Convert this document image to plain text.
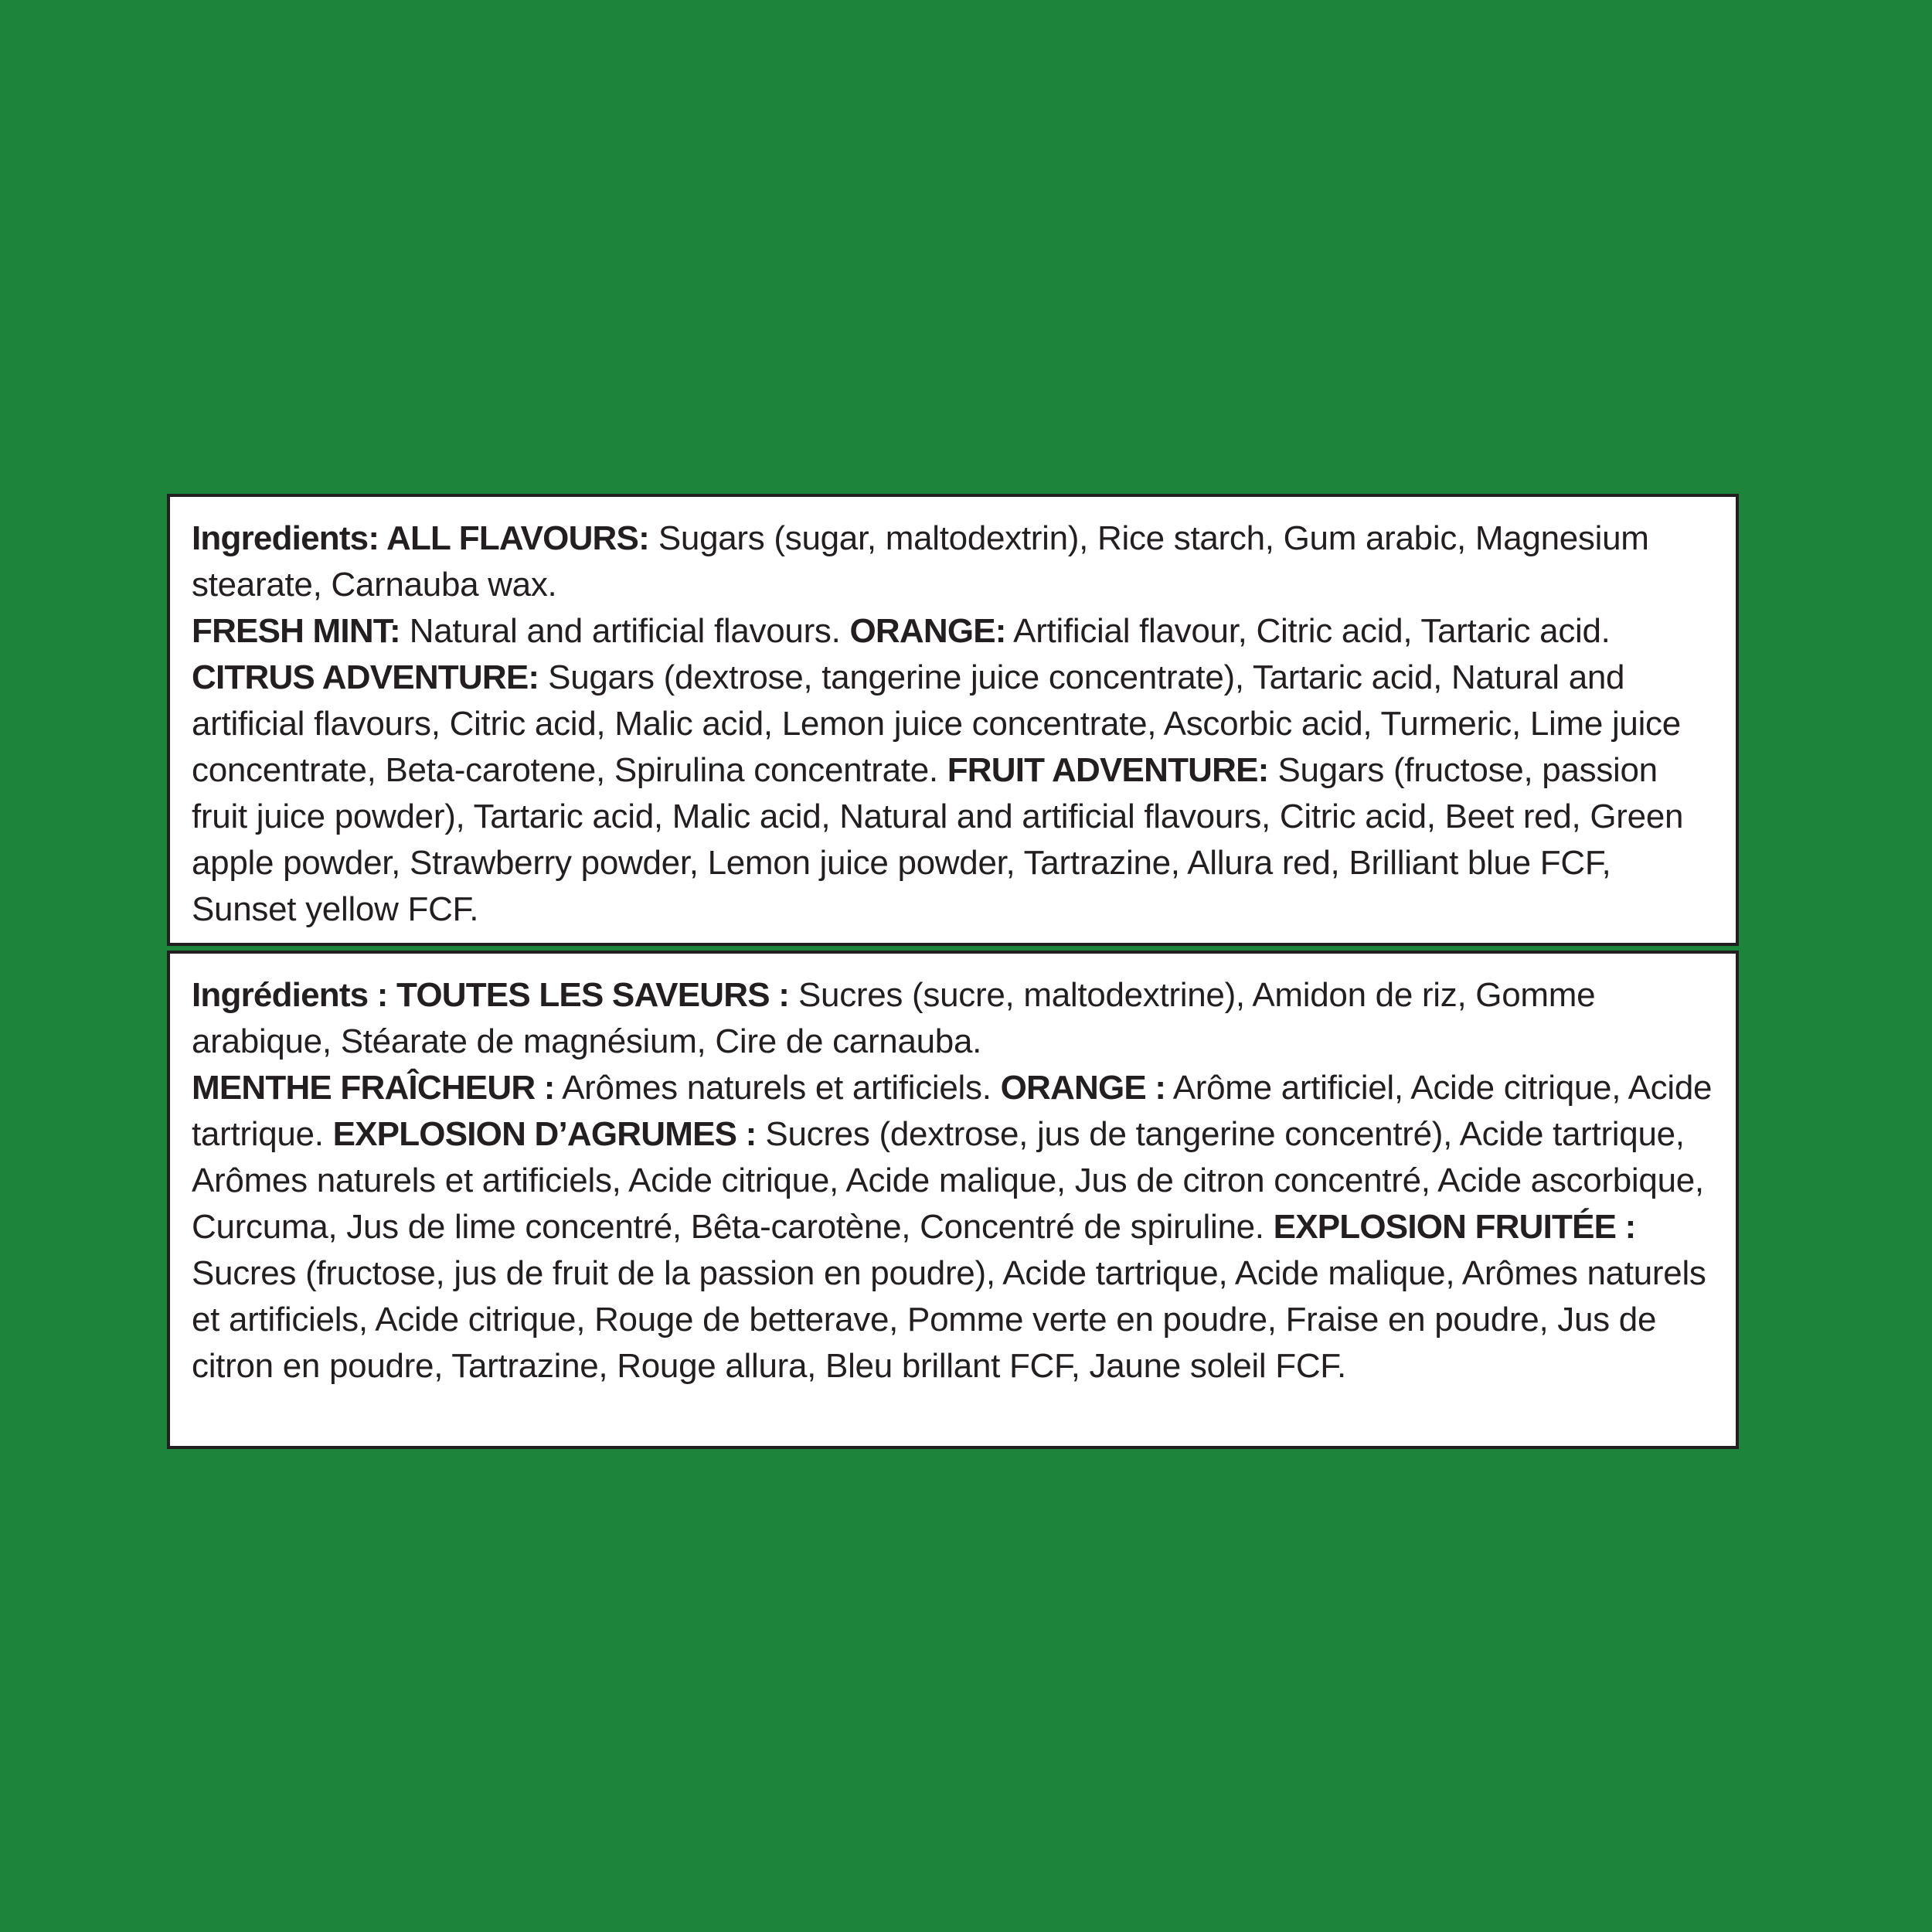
Ingredients: ALL FLAVOURS: Sugars (sugar, maltodextrin), Rice starch, Gum arabic, Magnesium stearate, Carnauba wax.

FRESH MINT: Natural and artificial flavours. ORANGE: Artificial flavour, Citric acid, Tartaric acid. CITRUS ADVENTURE: Sugars (dextrose, tangerine juice concentrate), Tartaric acid, Natural and artificial flavours, Citric acid, Malic acid, Lemon juice concentrate, Ascorbic acid, Turmeric, Lime juice concentrate, Beta-carotene, Spirulina concentrate. FRUIT ADVENTURE: Sugars (fructose, passion fruit juice powder), Tartaric acid, Malic acid, Natural and artificial flavours, Citric acid, Beet red, Green apple powder, Strawberry powder, Lemon juice powder, Tartrazine, Allura red, Brilliant blue FCF, Sunset yellow FCF.

Ingrédients : TOUTES LES SAVEURS : Sucres (sucre, maltodextrine), Amidon de riz, Gomme arabique, Stéarate de magnésium, Cire de carnauba.

MENTHE FRAÎCHEUR : Arômes naturels et artificiels. ORANGE : Arôme artificiel, Acide citrique, Acide tartrique. EXPLOSION D’AGRUMES : Sucres (dextrose, jus de tangerine concentré), Acide tartrique, Arômes naturels et artificiels, Acide citrique, Acide malique, Jus de citron concentré, Acide ascorbique, Curcuma, Jus de lime concentré, Bêta-carotène, Concentré de spiruline. EXPLOSION FRUITÉE : Sucres (fructose, jus de fruit de la passion en poudre), Acide tartrique, Acide malique, Arômes naturels et artificiels, Acide citrique, Rouge de betterave, Pomme verte en poudre, Fraise en poudre, Jus de citron en poudre, Tartrazine, Rouge allura, Bleu brillant FCF, Jaune soleil FCF.
